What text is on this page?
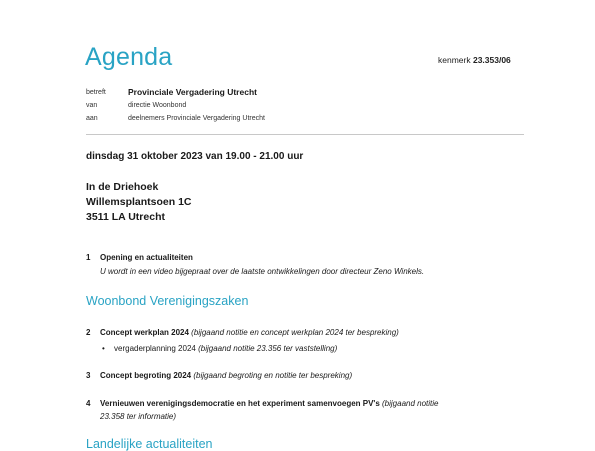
Agenda	kenmerk 23.353/06
betreft	Provinciale Vergadering Utrecht
van	directie Woonbond
aan	deelnemers Provinciale Vergadering Utrecht
dinsdag 31 oktober 2023 van 19.00 - 21.00 uur
In de Driehoek
Willemsplantsoen 1C
3511 LA Utrecht
1 Opening en actualiteiten
U wordt in een video bijgepraat over de laatste ontwikkelingen door directeur Zeno Winkels.
Woonbond Verenigingszaken
2 Concept werkplan 2024 (bijgaand notitie en concept werkplan 2024 ter bespreking)
• vergaderplanning 2024 (bijgaand notitie 23.356 ter vaststelling)
3 Concept begroting 2024 (bijgaand begroting en notitie ter bespreking)
4 Vernieuwen verenigingsdemocratie en het experiment samenvoegen PV's (bijgaand notitie
23.358 ter informatie)
Landelijke actualiteiten
